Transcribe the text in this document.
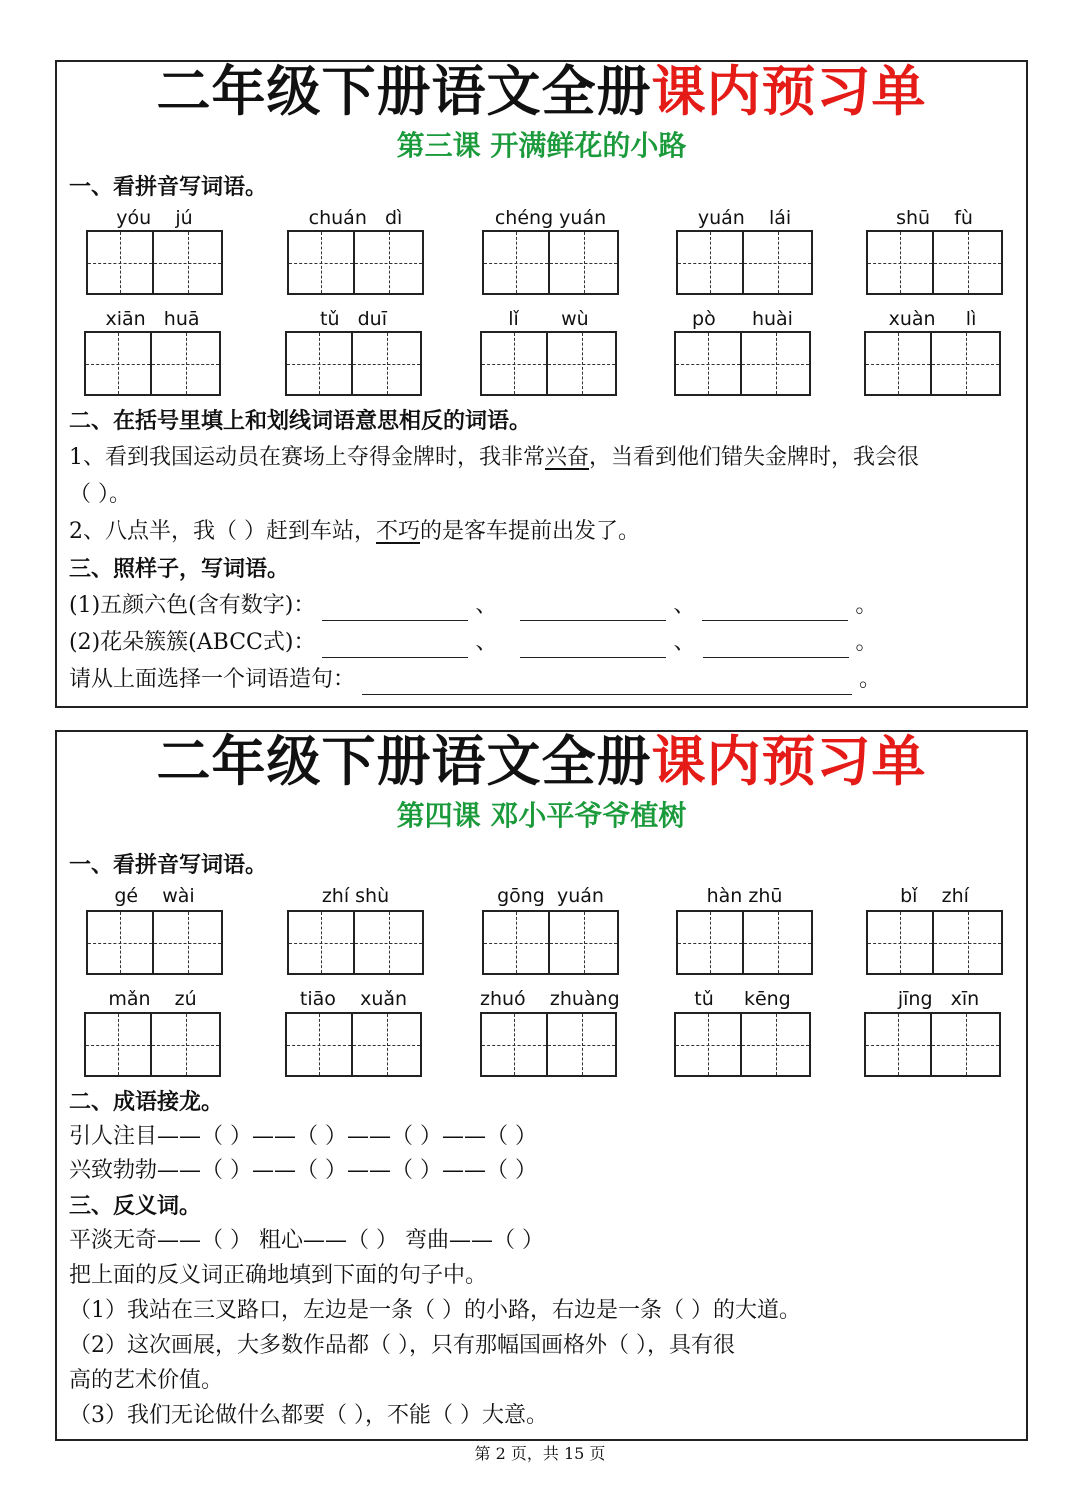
二年级下册语文全册课内预习单
第三课 开满鲜花的小路
一、看拼音写词语。
yóu    jú	chuán   dì	chéng yuán	yuán    lái	shū    fù
xiān   huā	tǔ   duī	lǐ       wù	pò      huài	xuàn     lì
二、在括号里填上和划线词语意思相反的词语。
1、看到我国运动员在赛场上夺得金牌时，我非常兴奋，当看到他们错失金牌时，我会很
（ ）。
2、八点半，我（ ）赶到车站，不巧的是客车提前出发了。
三、照样子，写词语。
(1)五颜六色(含有数字)：	、	、	。
(2)花朵簇簇(ABCC式)：	、	、	。
请从上面选择一个词语造句：	。
二年级下册语文全册课内预习单
第四课 邓小平爷爷植树
一、看拼音写词语。
gé    wài	zhí shù	gōng  yuán	hàn zhū	bǐ    zhí
mǎn    zú	tiāo    xuǎn	zhuó    zhuàng	tǔ     kēng	jīng   xīn
二、成语接龙。
引人注目——（ ）——（ ）——（ ）——（ ）
兴致勃勃——（ ）——（ ）——（ ）——（ ）
三、反义词。
平淡无奇——（ ） 粗心——（ ） 弯曲——（ ）
把上面的反义词正确地填到下面的句子中。
（1）我站在三叉路口，左边是一条（ ）的小路，右边是一条（ ）的大道。
（2）这次画展，大多数作品都（ ），只有那幅国画格外（ ），具有很
高的艺术价值。
（3）我们无论做什么都要（ ），不能（ ）大意。
第 2 页，共 15 页
